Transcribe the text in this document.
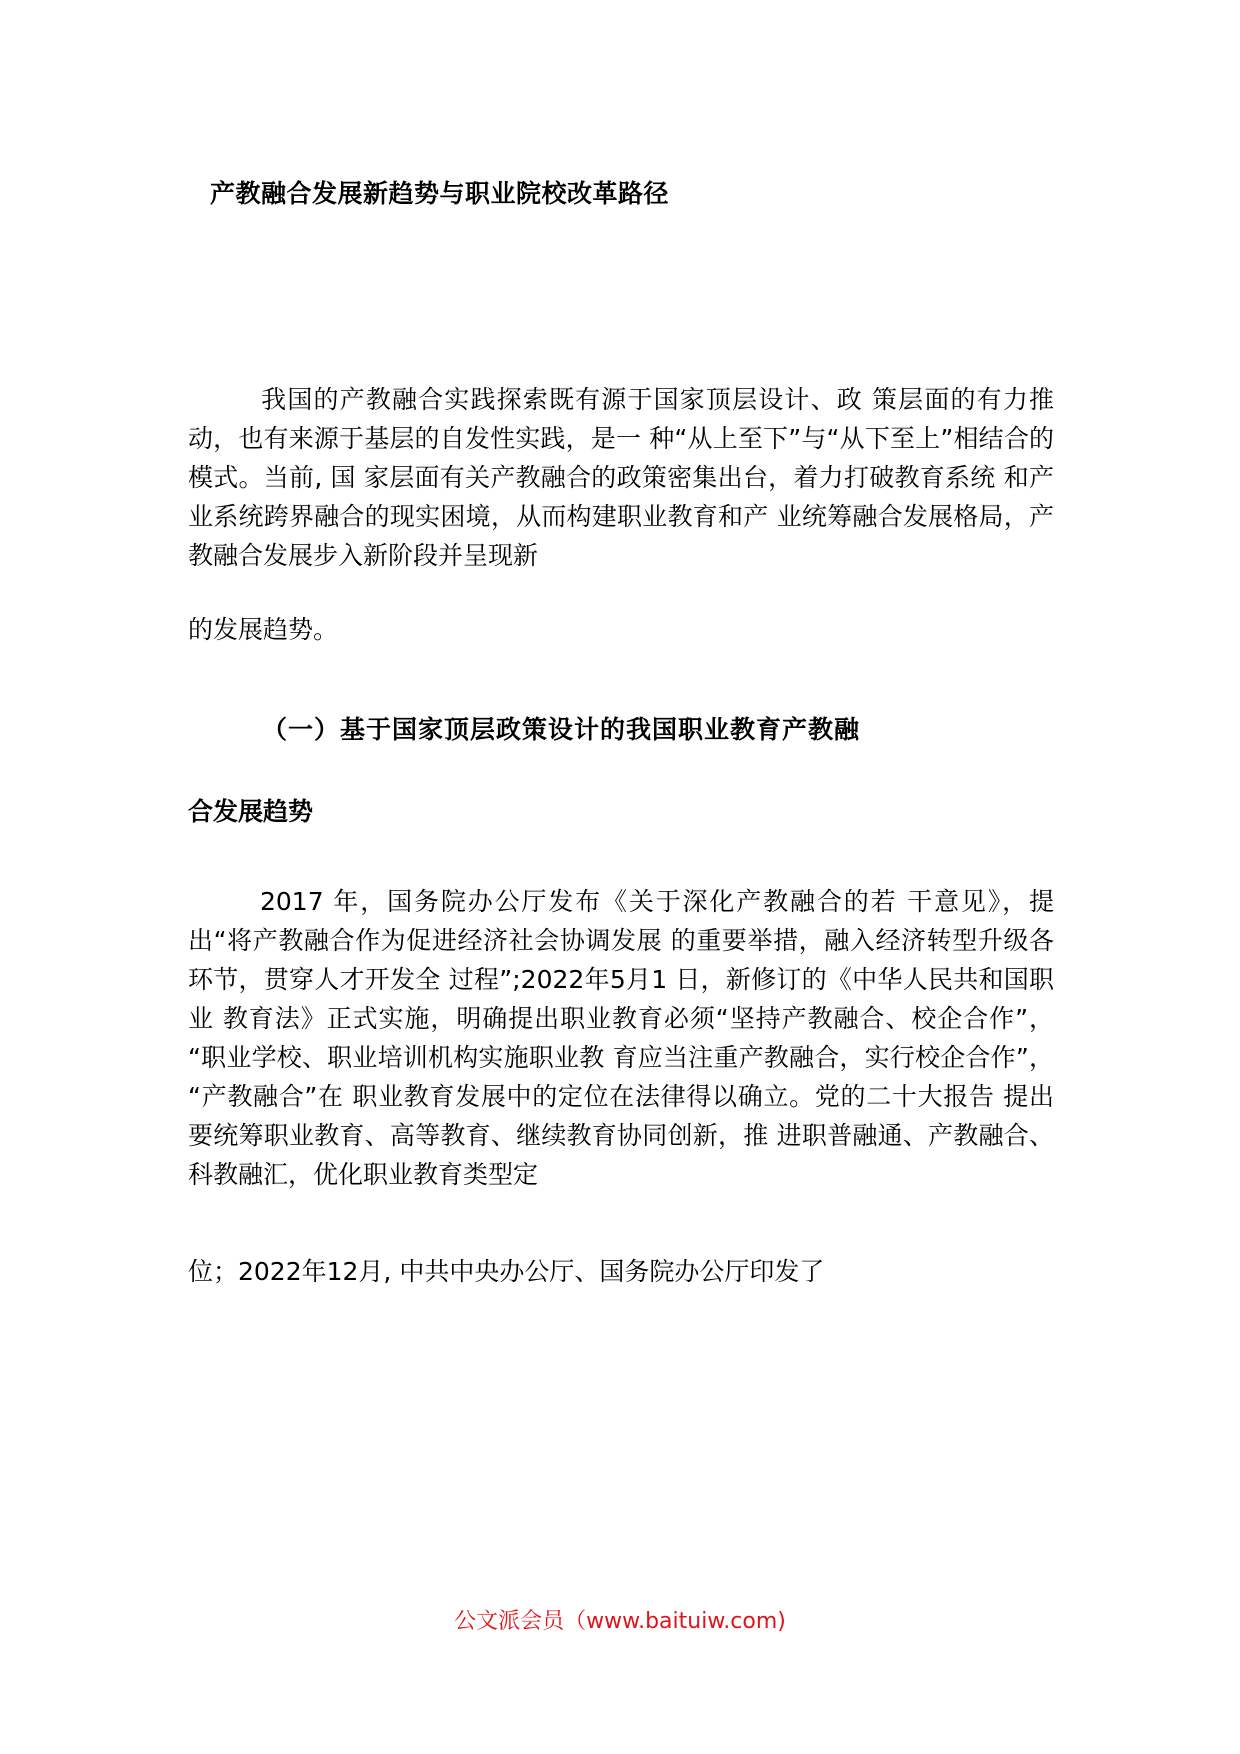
产教融合发展新趋势与职业院校改革路径
我国的产教融合实践探索既有源于国家顶层设计、政 策层面的有力推动，也有来源于基层的自发性实践，是一 种“从上至下”与“从下至上”相结合的模式。当前, 国 家层面有关产教融合的政策密集出台，着力打破教育系统 和产业系统跨界融合的现实困境，从而构建职业教育和产 业统筹融合发展格局，产教融合发展步入新阶段并呈现新
的发展趋势。
（一）基于国家顶层政策设计的我国职业教育产教融
合发展趋势
2017 年，国务院办公厅发布《关于深化产教融合的若 干意见》，提出“将产教融合作为促进经济社会协调发展 的重要举措，融入经济转型升级各环节，贯穿人才开发全 过程”;2022年5月1 日，新修订的《中华人民共和国职业 教育法》正式实施，明确提出职业教育必须“坚持产教融合、校企合作”， “职业学校、职业培训机构实施职业教 育应当注重产教融合，实行校企合作”， “产教融合”在 职业教育发展中的定位在法律得以确立。党的二十大报告 提出要统筹职业教育、高等教育、继续教育协同创新，推 进职普融通、产教融合、科教融汇，优化职业教育类型定
位；2022年12月, 中共中央办公厅、国务院办公厅印发了
公文派会员（www.baituiw.com)
